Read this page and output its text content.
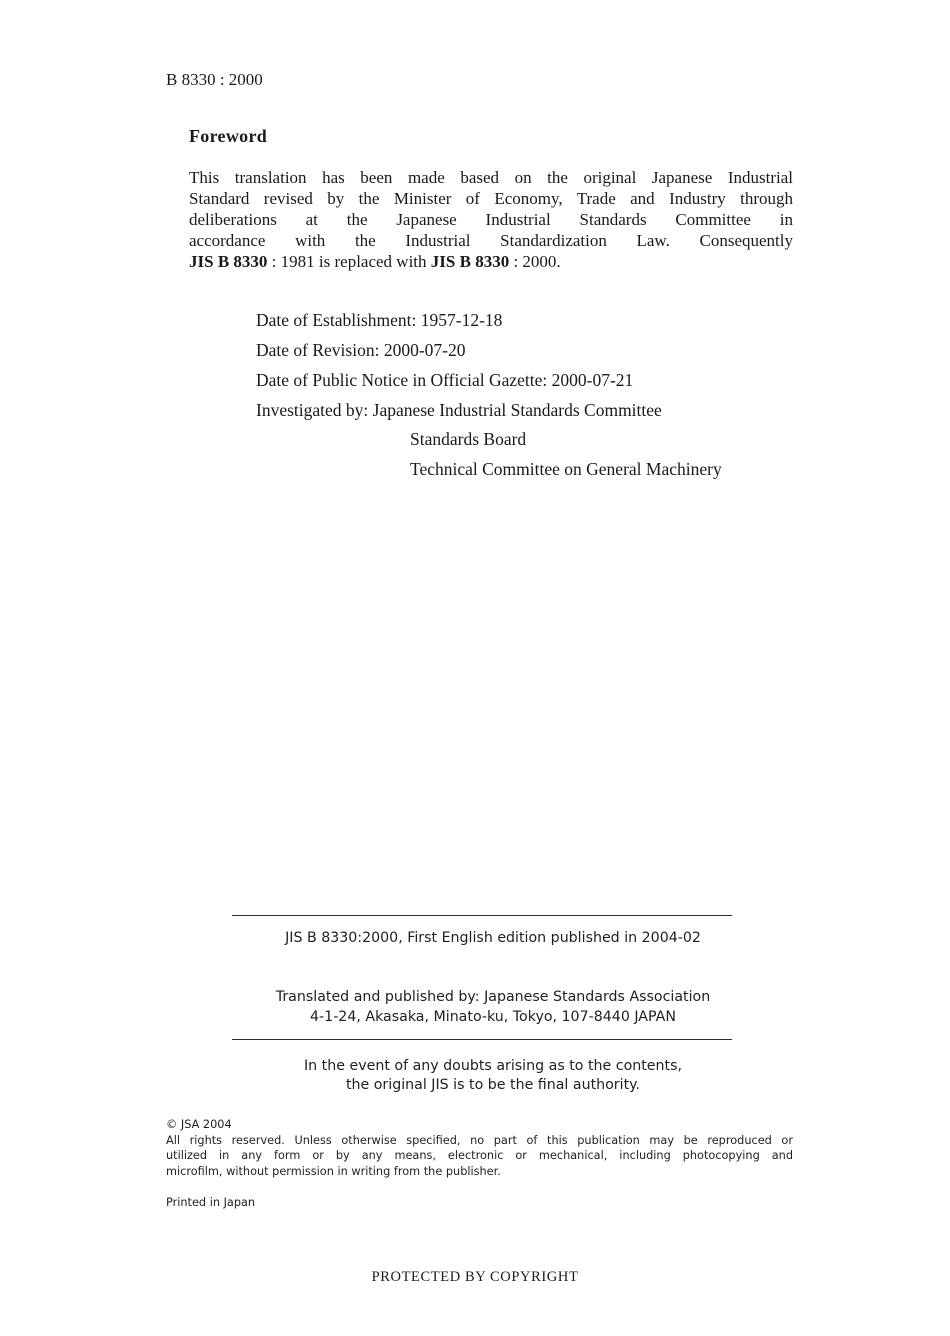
B 8330 : 2000
Foreword
This translation has been made based on the original Japanese Industrial
Standard revised by the Minister of Economy, Trade and Industry through
deliberations at the Japanese Industrial Standards Committee in
accordance with the Industrial Standardization Law. Consequently
JIS B 8330 : 1981 is replaced with JIS B 8330 : 2000.
Date of Establishment: 1957-12-18
Date of Revision: 2000-07-20
Date of Public Notice in Official Gazette: 2000-07-21
Investigated by: Japanese Industrial Standards Committee
Standards Board
Technical Committee on General Machinery
JIS B 8330:2000, First English edition published in 2004-02
Translated and published by: Japanese Standards Association
4-1-24, Akasaka, Minato-ku, Tokyo, 107-8440 JAPAN
In the event of any doubts arising as to the contents,
the original JIS is to be the final authority.
© JSA 2004
All rights reserved. Unless otherwise specified, no part of this publication may be reproduced or
utilized in any form or by any means, electronic or mechanical, including photocopying and
microfilm, without permission in writing from the publisher.
Printed in Japan
PROTECTED BY COPYRIGHT
